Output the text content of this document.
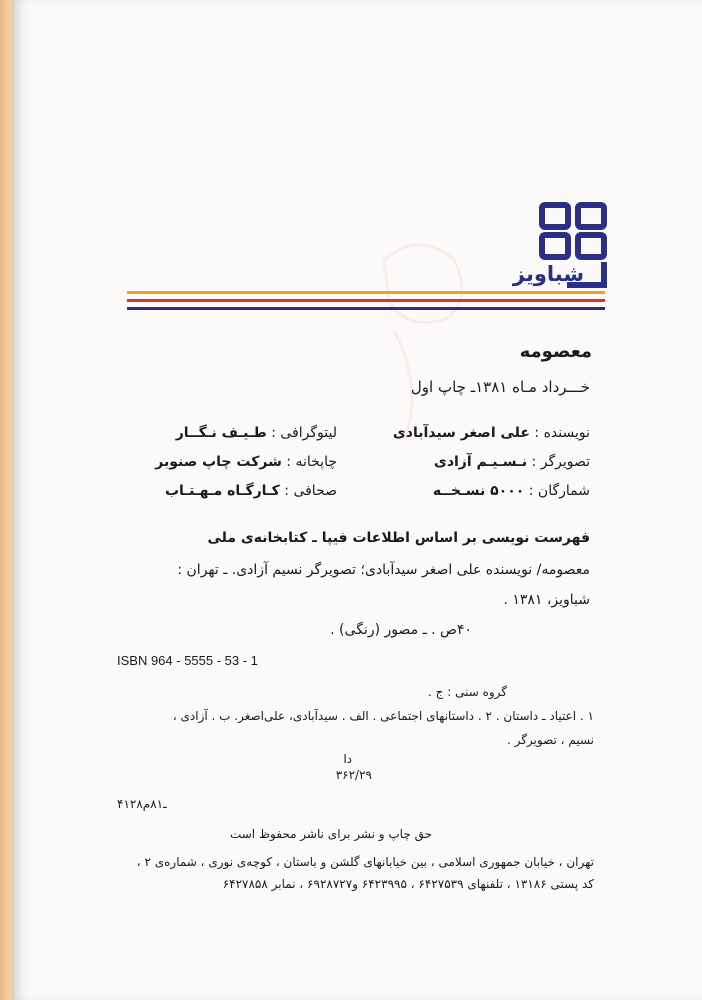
شباویز
معصومه
خـــرداد مـاه ۱۳۸۱ـ چاپ اول
نویسنده : علی اصغر سیدآبادی
تصویرگر : نـسـیـم آزادی
شمارگان : ۵۰۰۰ نسـخــه
لیتوگرافی : طـیـف نـگــار
چاپخانه : شرکت چاپ صنوبر
صحافی : کـارگـاه مـهـتـاب
فهرست نویسی بر اساس اطلاعات فیپا ـ کتابخانه‌ی ملی
معصومه/ نویسنده علی اصغر سیدآبادی؛ تصویرگر نسیم آزادی. ـ تهران :
شباویز، ۱۳۸۱ .
۴۰ص . ـ مصور (رنگی) .
ISBN 964 - 5555 - 53 - 1
گروه سنی : ج .
۱ . اعتیاد ـ داستان . ۲ . داستانهای اجتماعی . الف . سیدآبادی، علی‌اصغر. ب . آزادی ،
نسیم ، تصویرگر .
دا
۳۶۲/۲۹
۴۱۲۸ـ۸۱م
حق چاپ و نشر برای ناشر محفوظ است
تهران ، خیابان جمهوری اسلامی ، بین خیابانهای گلشن و باستان ، کوچه‌ی نوری ، شماره‌ی ۲ ،
کد پستی ۱۳۱۸۶ ، تلفنهای ۶۴۲۷۵۳۹ ، ۶۴۲۳۹۹۵ و۶۹۲۸۷۲۷ ، نمابر ۶۴۲۷۸۵۸
